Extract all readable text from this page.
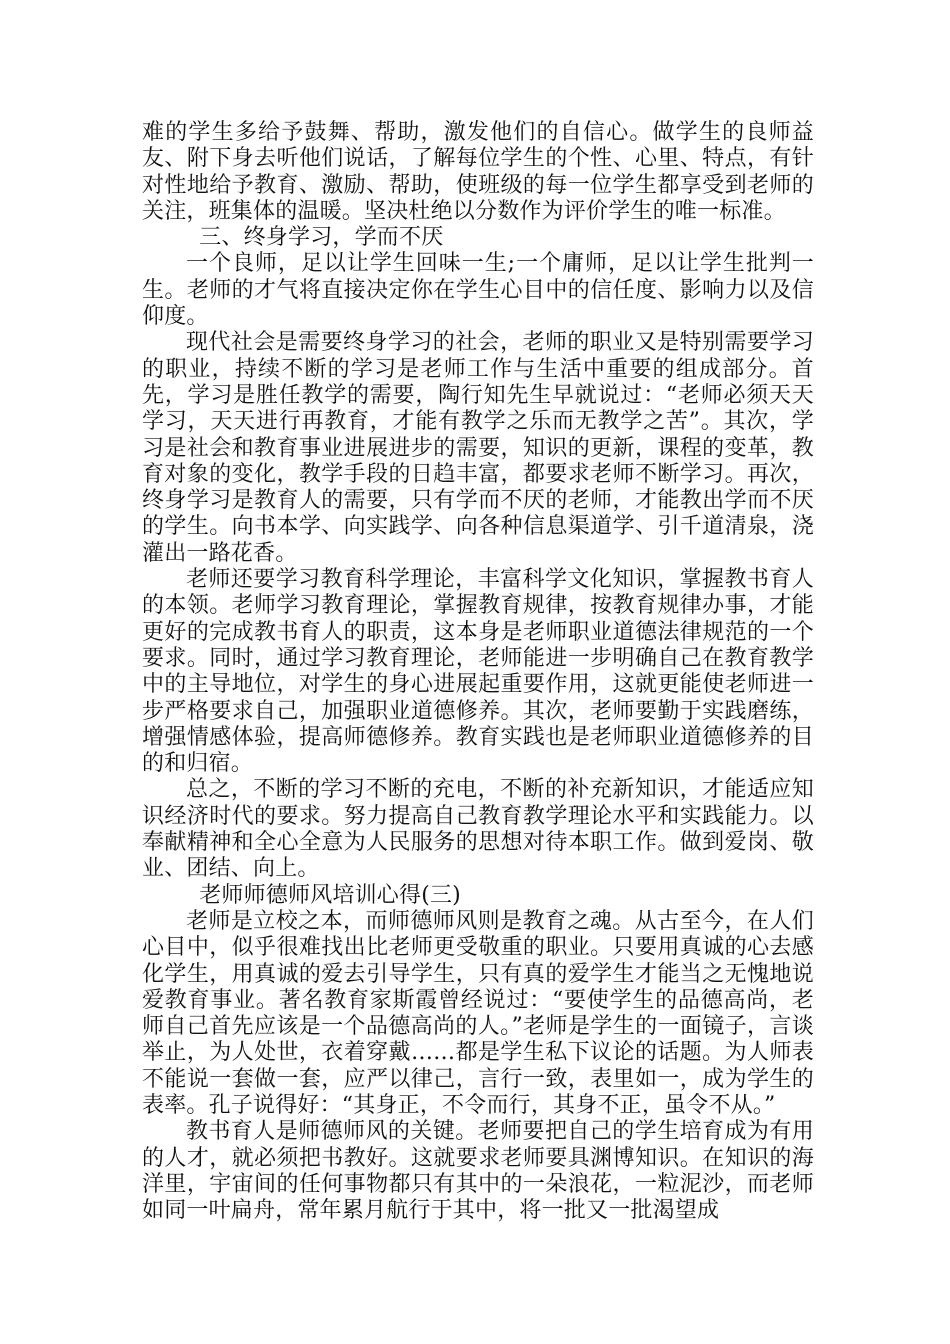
难的学生多给予鼓舞、帮助，激发他们的自信心。做学生的良师益友、附下身去听他们说话，了解每位学生的个性、心里、特点，有针对性地给予教育、激励、帮助，使班级的每一位学生都享受到老师的关注，班集体的温暖。坚决杜绝以分数作为评价学生的唯一标准。

三、终身学习，学而不厌

一个良师，足以让学生回味一生;一个庸师，足以让学生批判一生。老师的才气将直接决定你在学生心目中的信任度、影响力以及信仰度。

现代社会是需要终身学习的社会，老师的职业又是特别需要学习的职业，持续不断的学习是老师工作与生活中重要的组成部分。首先，学习是胜任教学的需要，陶行知先生早就说过：“老师必须天天学习，天天进行再教育，才能有教学之乐而无教学之苦”。其次，学习是社会和教育事业进展进步的需要，知识的更新，课程的变革，教育对象的变化，教学手段的日趋丰富，都要求老师不断学习。再次，终身学习是教育人的需要，只有学而不厌的老师，才能教出学而不厌的学生。向书本学、向实践学、向各种信息渠道学、引千道清泉，浇灌出一路花香。

老师还要学习教育科学理论，丰富科学文化知识，掌握教书育人的本领。老师学习教育理论，掌握教育规律，按教育规律办事，才能更好的完成教书育人的职责，这本身是老师职业道德法律规范的一个要求。同时，通过学习教育理论，老师能进一步明确自己在教育教学中的主导地位，对学生的身心进展起重要作用，这就更能使老师进一步严格要求自己，加强职业道德修养。其次，老师要勤于实践磨练，增强情感体验，提高师德修养。教育实践也是老师职业道德修养的目的和归宿。

总之，不断的学习不断的充电，不断的补充新知识，才能适应知识经济时代的要求。努力提高自己教育教学理论水平和实践能力。以奉献精神和全心全意为人民服务的思想对待本职工作。做到爱岗、敬业、团结、向上。

老师师德师风培训心得(三)

老师是立校之本，而师德师风则是教育之魂。从古至今，在人们心目中，似乎很难找出比老师更受敬重的职业。只要用真诚的心去感化学生，用真诚的爱去引导学生，只有真的爱学生才能当之无愧地说爱教育事业。著名教育家斯霞曾经说过：“要使学生的品德高尚，老师自己首先应该是一个品德高尚的人。”老师是学生的一面镜子，言谈举止，为人处世，衣着穿戴……都是学生私下议论的话题。为人师表不能说一套做一套，应严以律己，言行一致，表里如一，成为学生的表率。孔子说得好：“其身正，不令而行，其身不正，虽令不从。”

教书育人是师德师风的关键。老师要把自己的学生培育成为有用的人才，就必须把书教好。这就要求老师要具渊博知识。在知识的海洋里，宇宙间的任何事物都只有其中的一朵浪花，一粒泥沙，而老师如同一叶扁舟，常年累月航行于其中，将一批又一批渴望成
